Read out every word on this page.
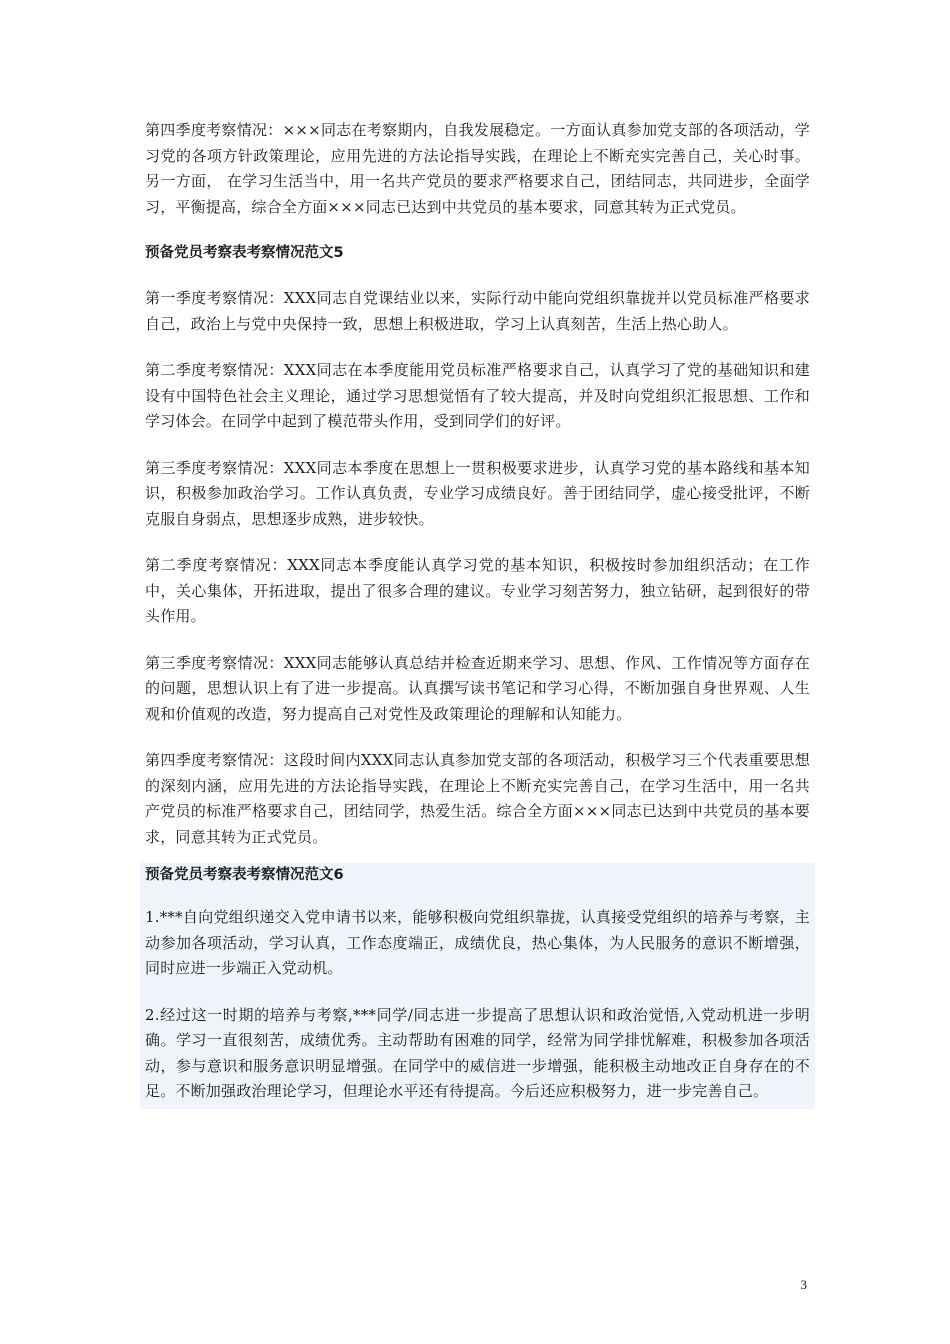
第四季度考察情况：×××同志在考察期内，自我发展稳定。一方面认真参加党支部的各项活动，学习党的各项方针政策理论，应用先进的方法论指导实践，在理论上不断充实完善自己，关心时事。另一方面， 在学习生活当中，用一名共产党员的要求严格要求自己，团结同志，共同进步，全面学习，平衡提高，综合全方面×××同志已达到中共党员的基本要求，同意其转为正式党员。

预备党员考察表考察情况范文5

第一季度考察情况：XXX同志自党课结业以来，实际行动中能向党组织靠拢并以党员标准严格要求自己，政治上与党中央保持一致，思想上积极进取，学习上认真刻苦，生活上热心助人。

第二季度考察情况：XXX同志在本季度能用党员标准严格要求自己，认真学习了党的基础知识和建设有中国特色社会主义理论，通过学习思想觉悟有了较大提高，并及时向党组织汇报思想、工作和学习体会。在同学中起到了模范带头作用，受到同学们的好评。

第三季度考察情况：XXX同志本季度在思想上一贯积极要求进步，认真学习党的基本路线和基本知识，积极参加政治学习。工作认真负责，专业学习成绩良好。善于团结同学，虚心接受批评，不断克服自身弱点，思想逐步成熟，进步较快。

第二季度考察情况：XXX同志本季度能认真学习党的基本知识，积极按时参加组织活动；在工作中，关心集体，开拓进取，提出了很多合理的建议。专业学习刻苦努力，独立钻研，起到很好的带头作用。

第三季度考察情况：XXX同志能够认真总结并检查近期来学习、思想、作风、工作情况等方面存在的问题，思想认识上有了进一步提高。认真撰写读书笔记和学习心得，不断加强自身世界观、人生观和价值观的改造，努力提高自己对党性及政策理论的理解和认知能力。

第四季度考察情况：这段时间内XXX同志认真参加党支部的各项活动，积极学习三个代表重要思想的深刻内涵，应用先进的方法论指导实践，在理论上不断充实完善自己，在学习生活中，用一名共产党员的标准严格要求自己，团结同学，热爱生活。综合全方面×××同志已达到中共党员的基本要求，同意其转为正式党员。

预备党员考察表考察情况范文6

1.***自向党组织递交入党申请书以来，能够积极向党组织靠拢，认真接受党组织的培养与考察，主动参加各项活动，学习认真，工作态度端正，成绩优良，热心集体，为人民服务的意识不断增强，同时应进一步端正入党动机。

2.经过这一时期的培养与考察,***同学/同志进一步提高了思想认识和政治觉悟,入党动机进一步明确。学习一直很刻苦，成绩优秀。主动帮助有困难的同学，经常为同学排忧解难，积极参加各项活动，参与意识和服务意识明显增强。在同学中的威信进一步增强，能积极主动地改正自身存在的不足。不断加强政治理论学习，但理论水平还有待提高。今后还应积极努力，进一步完善自己。

3
